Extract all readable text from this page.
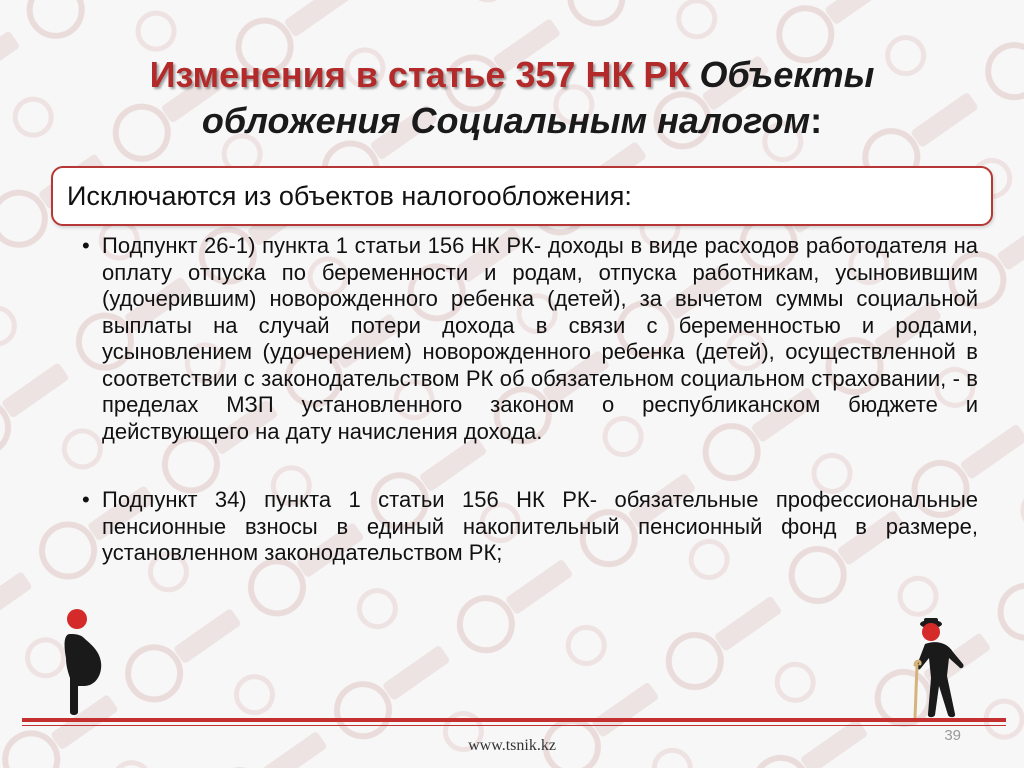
Изменения в статье 357 НК РК Объекты обложения Социальным налогом:
Исключаются из объектов налогообложения:
• Подпункт 26-1) пункта 1 статьи 156 НК РК- доходы в виде расходов работодателя на оплату отпуска по беременности и родам, отпуска работникам, усыновившим (удочерившим) новорожденного ребенка (детей), за вычетом суммы социальной выплаты на случай потери дохода в связи с беременностью и родами, усыновлением (удочерением) новорожденного ребенка (детей), осуществленной в соответствии с законодательством РК об обязательном социальном страховании, - в пределах МЗП установленного законом о республиканском бюджете и действующего на дату начисления дохода.
• Подпункт 34) пункта 1 статьи 156 НК РК- обязательные профессиональные пенсионные взносы в единый накопительный пенсионный фонд в размере, установленном законодательством РК;
39
www.tsnik.kz
